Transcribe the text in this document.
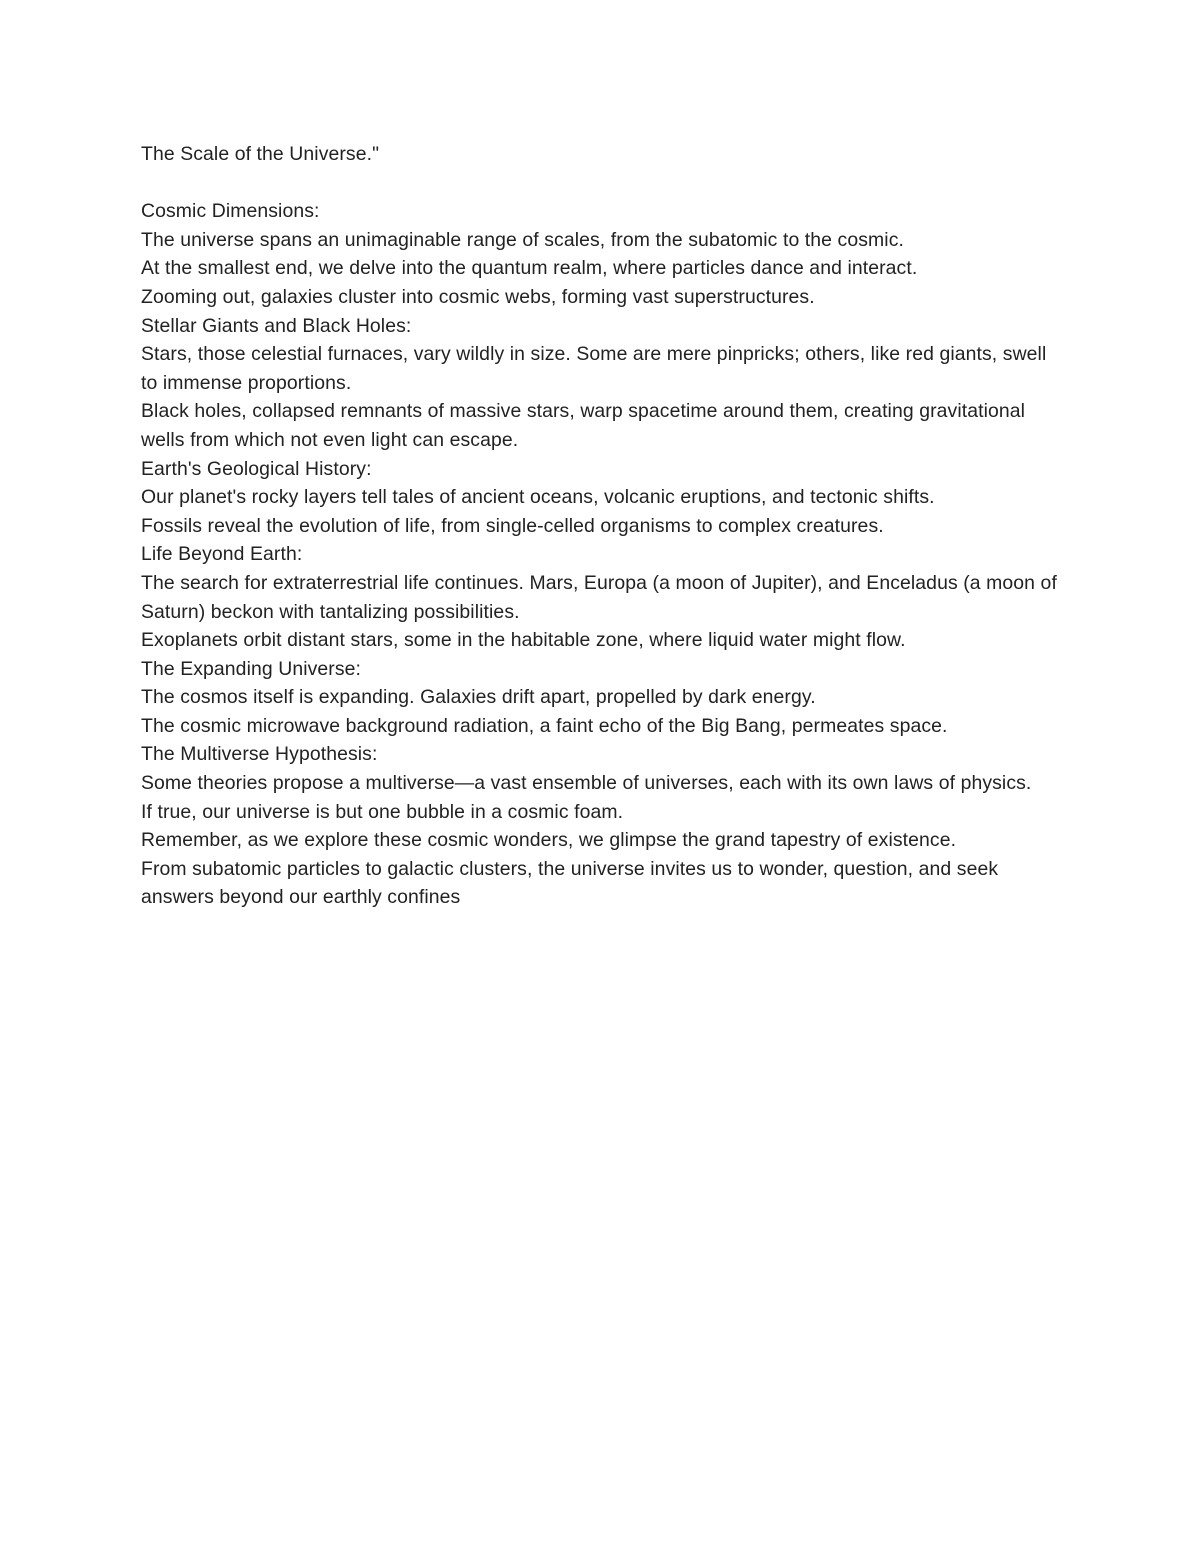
The Scale of the Universe."

Cosmic Dimensions:

The universe spans an unimaginable range of scales, from the subatomic to the cosmic.

At the smallest end, we delve into the quantum realm, where particles dance and interact.

Zooming out, galaxies cluster into cosmic webs, forming vast superstructures.

Stellar Giants and Black Holes:

Stars, those celestial furnaces, vary wildly in size. Some are mere pinpricks; others, like red giants, swell to immense proportions.

Black holes, collapsed remnants of massive stars, warp spacetime around them, creating gravitational wells from which not even light can escape.

Earth's Geological History:

Our planet's rocky layers tell tales of ancient oceans, volcanic eruptions, and tectonic shifts.

Fossils reveal the evolution of life, from single-celled organisms to complex creatures.

Life Beyond Earth:

The search for extraterrestrial life continues. Mars, Europa (a moon of Jupiter), and Enceladus (a moon of Saturn) beckon with tantalizing possibilities.

Exoplanets orbit distant stars, some in the habitable zone, where liquid water might flow.

The Expanding Universe:

The cosmos itself is expanding. Galaxies drift apart, propelled by dark energy.

The cosmic microwave background radiation, a faint echo of the Big Bang, permeates space.

The Multiverse Hypothesis:

Some theories propose a multiverse—a vast ensemble of universes, each with its own laws of physics.

If true, our universe is but one bubble in a cosmic foam.

Remember, as we explore these cosmic wonders, we glimpse the grand tapestry of existence.

From subatomic particles to galactic clusters, the universe invites us to wonder, question, and seek answers beyond our earthly confines
